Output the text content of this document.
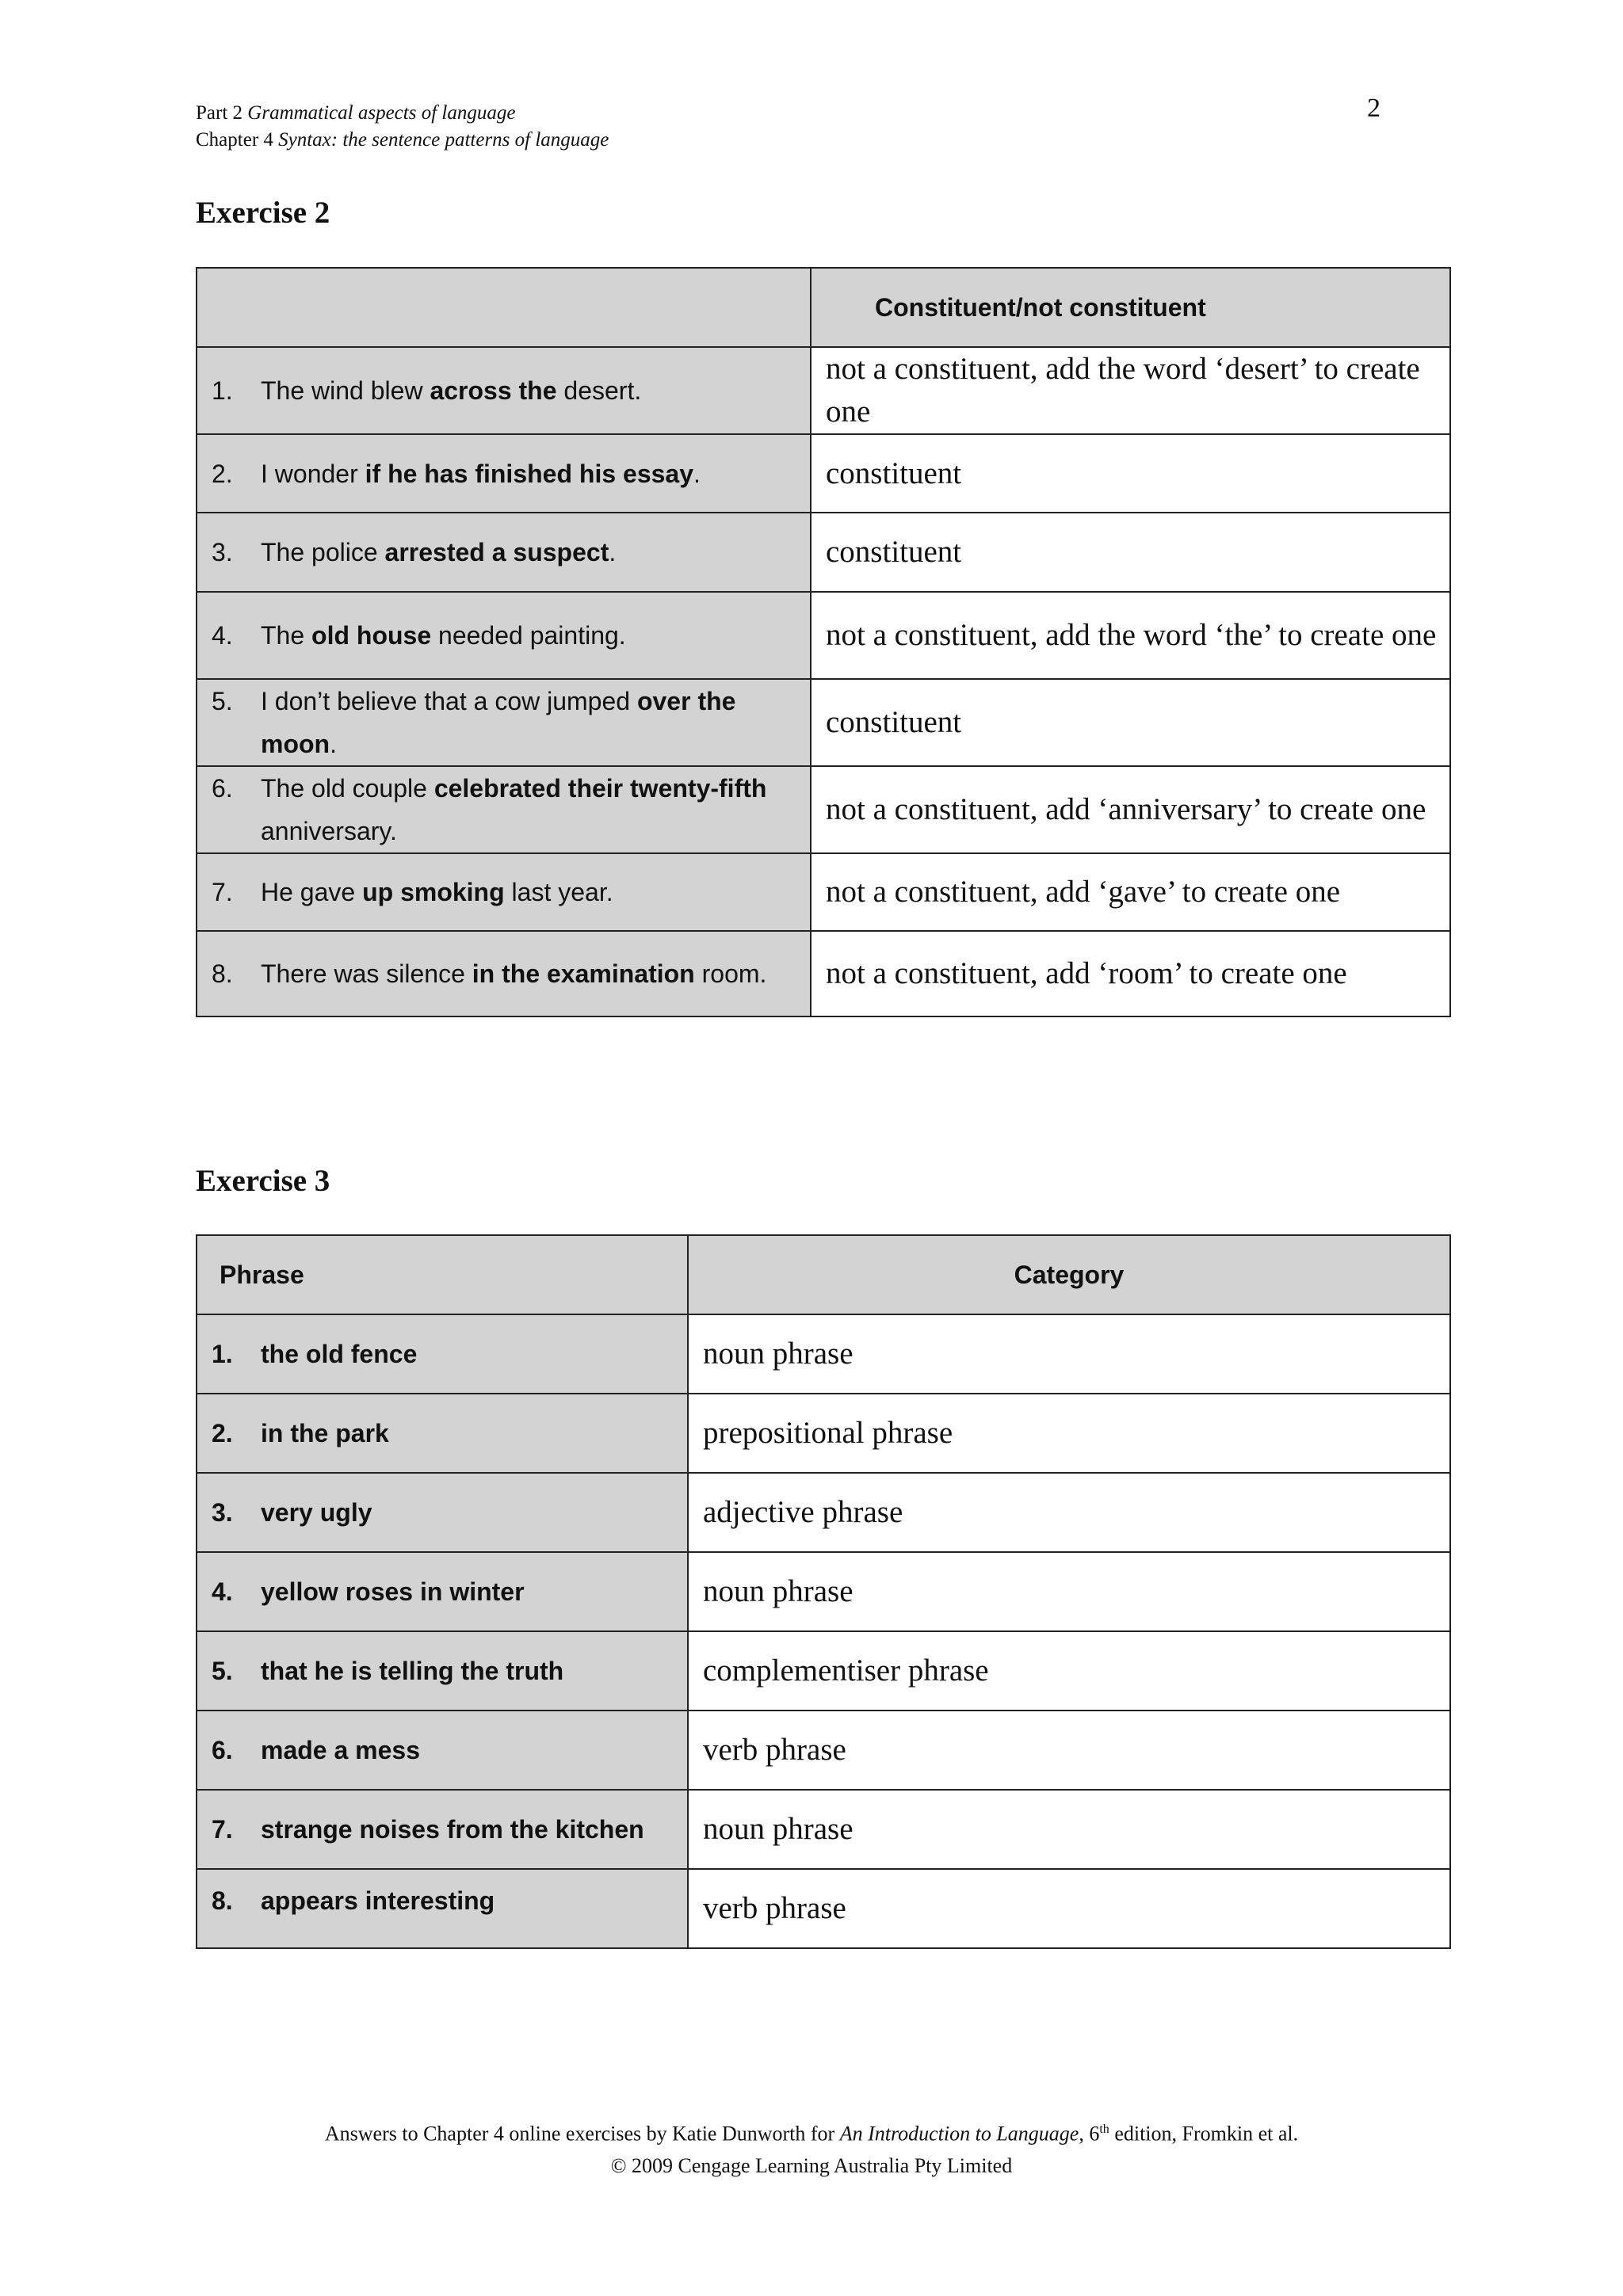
Part 2 Grammatical aspects of language
Chapter 4 Syntax: the sentence patterns of language
2
Exercise 2
	Constituent/not constituent

1. The wind blew across the desert.	not a constituent, add the word ‘desert’ to create one

2. I wonder if he has finished his essay.	constituent

3. The police arrested a suspect.	constituent

4. The old house needed painting.	not a constituent, add the word ‘the’ to create one

5. I don’t believe that a cow jumped over the moon.	constituent

6. The old couple celebrated their twenty-fifth anniversary.	not a constituent, add ‘anniversary’ to create one

7. He gave up smoking last year.	not a constituent, add ‘gave’ to create one

8. There was silence in the examination room.	not a constituent, add ‘room’ to create one
Exercise 3
Phrase	Category

1. the old fence	noun phrase

2. in the park	prepositional phrase

3. very ugly	adjective phrase

4. yellow roses in winter	noun phrase

5. that he is telling the truth	complementiser phrase

6. made a mess	verb phrase

7. strange noises from the kitchen	noun phrase

8. appears interesting	verb phrase
Answers to Chapter 4 online exercises by Katie Dunworth for An Introduction to Language, 6th edition, Fromkin et al.
© 2009 Cengage Learning Australia Pty Limited
